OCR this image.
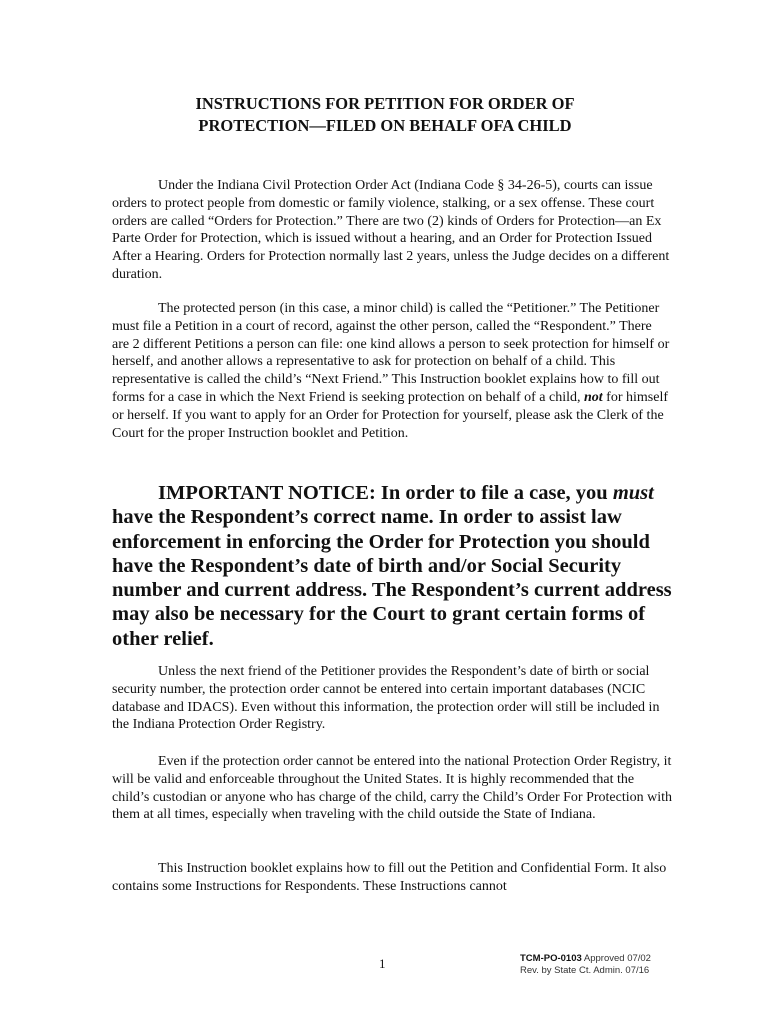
INSTRUCTIONS FOR PETITION FOR ORDER OF
PROTECTION—FILED ON BEHALF OFA CHILD

Under the Indiana Civil Protection Order Act (Indiana Code § 34-26-5), courts can issue orders to protect people from domestic or family violence, stalking, or a sex offense. These court orders are called “Orders for Protection.” There are two (2) kinds of Orders for Protection—an Ex Parte Order for Protection, which is issued without a hearing, and an Order for Protection Issued After a Hearing. Orders for Protection normally last 2 years, unless the Judge decides on a different duration.

The protected person (in this case, a minor child) is called the “Petitioner.” The Petitioner must file a Petition in a court of record, against the other person, called the “Respondent.” There are 2 different Petitions a person can file: one kind allows a person to seek protection for himself or herself, and another allows a representative to ask for protection on behalf of a child. This representative is called the child’s “Next Friend.” This Instruction booklet explains how to fill out forms for a case in which the Next Friend is seeking protection on behalf of a child, not for himself or herself. If you want to apply for an Order for Protection for yourself, please ask the Clerk of the Court for the proper Instruction booklet and Petition.

IMPORTANT NOTICE: In order to file a case, you must have the Respondent’s correct name. In order to assist law enforcement in enforcing the Order for Protection you should have the Respondent’s date of birth and/or Social Security number and current address. The Respondent’s current address may also be necessary for the Court to grant certain forms of other relief.

Unless the next friend of the Petitioner provides the Respondent’s date of birth or social security number, the protection order cannot be entered into certain important databases (NCIC database and IDACS). Even without this information, the protection order will still be included in the Indiana Protection Order Registry.

Even if the protection order cannot be entered into the national Protection Order Registry, it will be valid and enforceable throughout the United States. It is highly recommended that the child’s custodian or anyone who has charge of the child, carry the Child’s Order For Protection with them at all times, especially when traveling with the child outside the State of Indiana.

This Instruction booklet explains how to fill out the Petition and Confidential Form. It also contains some Instructions for Respondents. These Instructions cannot

1	TCM-PO-0103 Approved 07/02
Rev. by State Ct. Admin. 07/16
